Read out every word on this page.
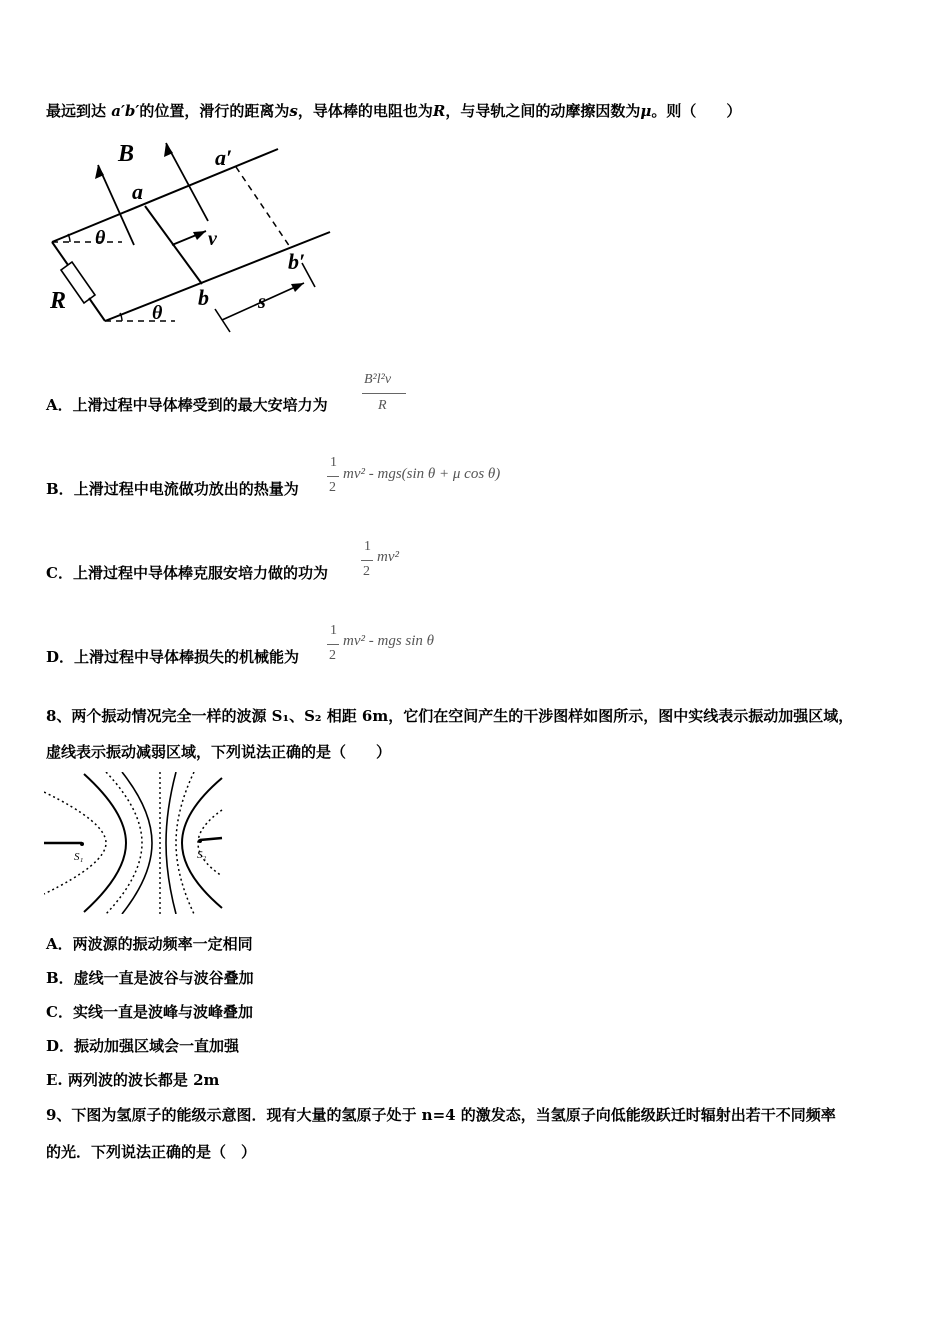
最远到达 a′b′的位置，滑行的距离为s，导体棒的电阻也为R，与导轨之间的动摩擦因数为μ。则（　　）
B	a′
a
v
θ
b′
R	b s
θ
A．上滑过程中导体棒受到的最大安培力为
B²l²v
R
B．上滑过程中电流做功放出的热量为
1
2
mv² - mgs(sin θ + μ cos θ)
C．上滑过程中导体棒克服安培力做的功为
1
2
mv²
D．上滑过程中导体棒损失的机械能为
1
2
mv² - mgs sin θ
8、两个振动情况完全一样的波源 S₁、S₂ 相距 6m，它们在空间产生的干涉图样如图所示，图中实线表示振动加强区域，
虚线表示振动减弱区域，下列说法正确的是（　　）
S₁	S₂
A．两波源的振动频率一定相同
B．虚线一直是波谷与波谷叠加
C．实线一直是波峰与波峰叠加
D．振动加强区域会一直加强
E. 两列波的波长都是 2m
9、下图为氢原子的能级示意图．现有大量的氢原子处于 n=4 的激发态，当氢原子向低能级跃迁时辐射出若干不同频率
的光．下列说法正确的是（　）
